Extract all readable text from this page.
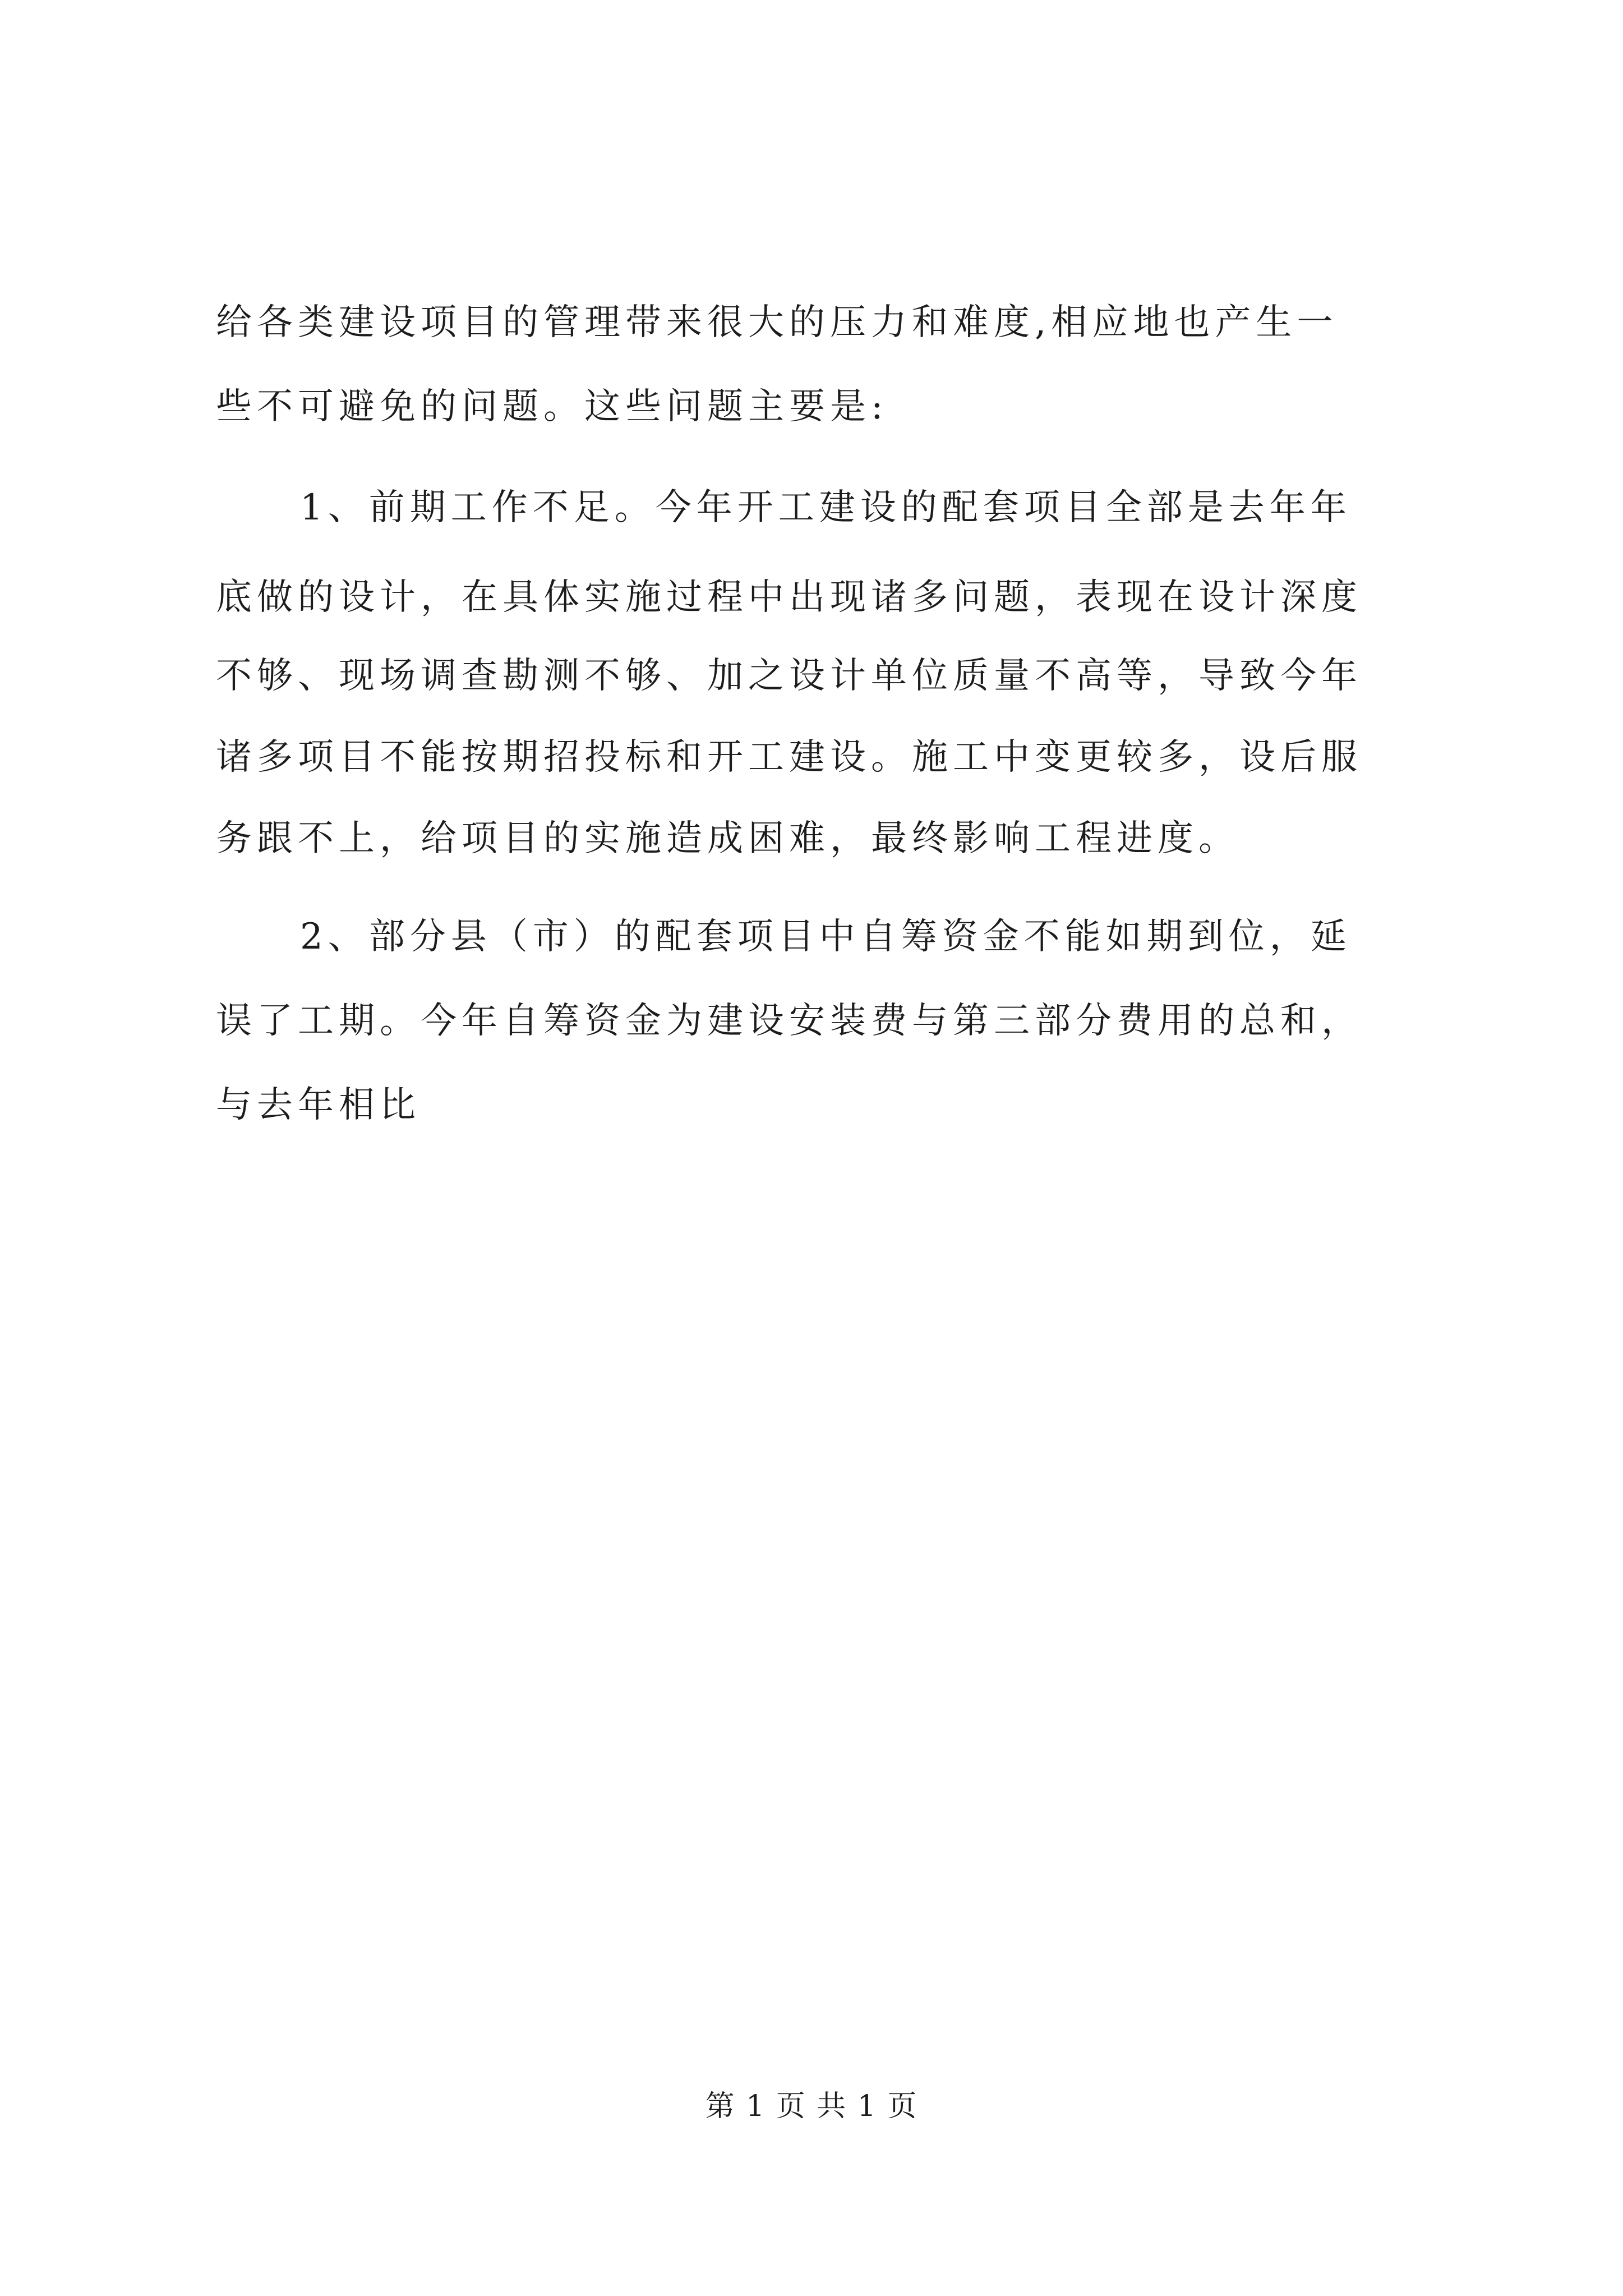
给各类建设项目的管理带来很大的压力和难度,相应地也产生一
些不可避免的问题。这些问题主要是:
1、前期工作不足。今年开工建设的配套项目全部是去年年
底做的设计，在具体实施过程中出现诸多问题，表现在设计深度
不够、现场调查勘测不够、加之设计单位质量不高等，导致今年
诸多项目不能按期招投标和开工建设。施工中变更较多，设后服
务跟不上，给项目的实施造成困难，最终影响工程进度。
2、部分县（市）的配套项目中自筹资金不能如期到位，延
误了工期。今年自筹资金为建设安装费与第三部分费用的总和，
与去年相比
第 1 页 共 1 页
